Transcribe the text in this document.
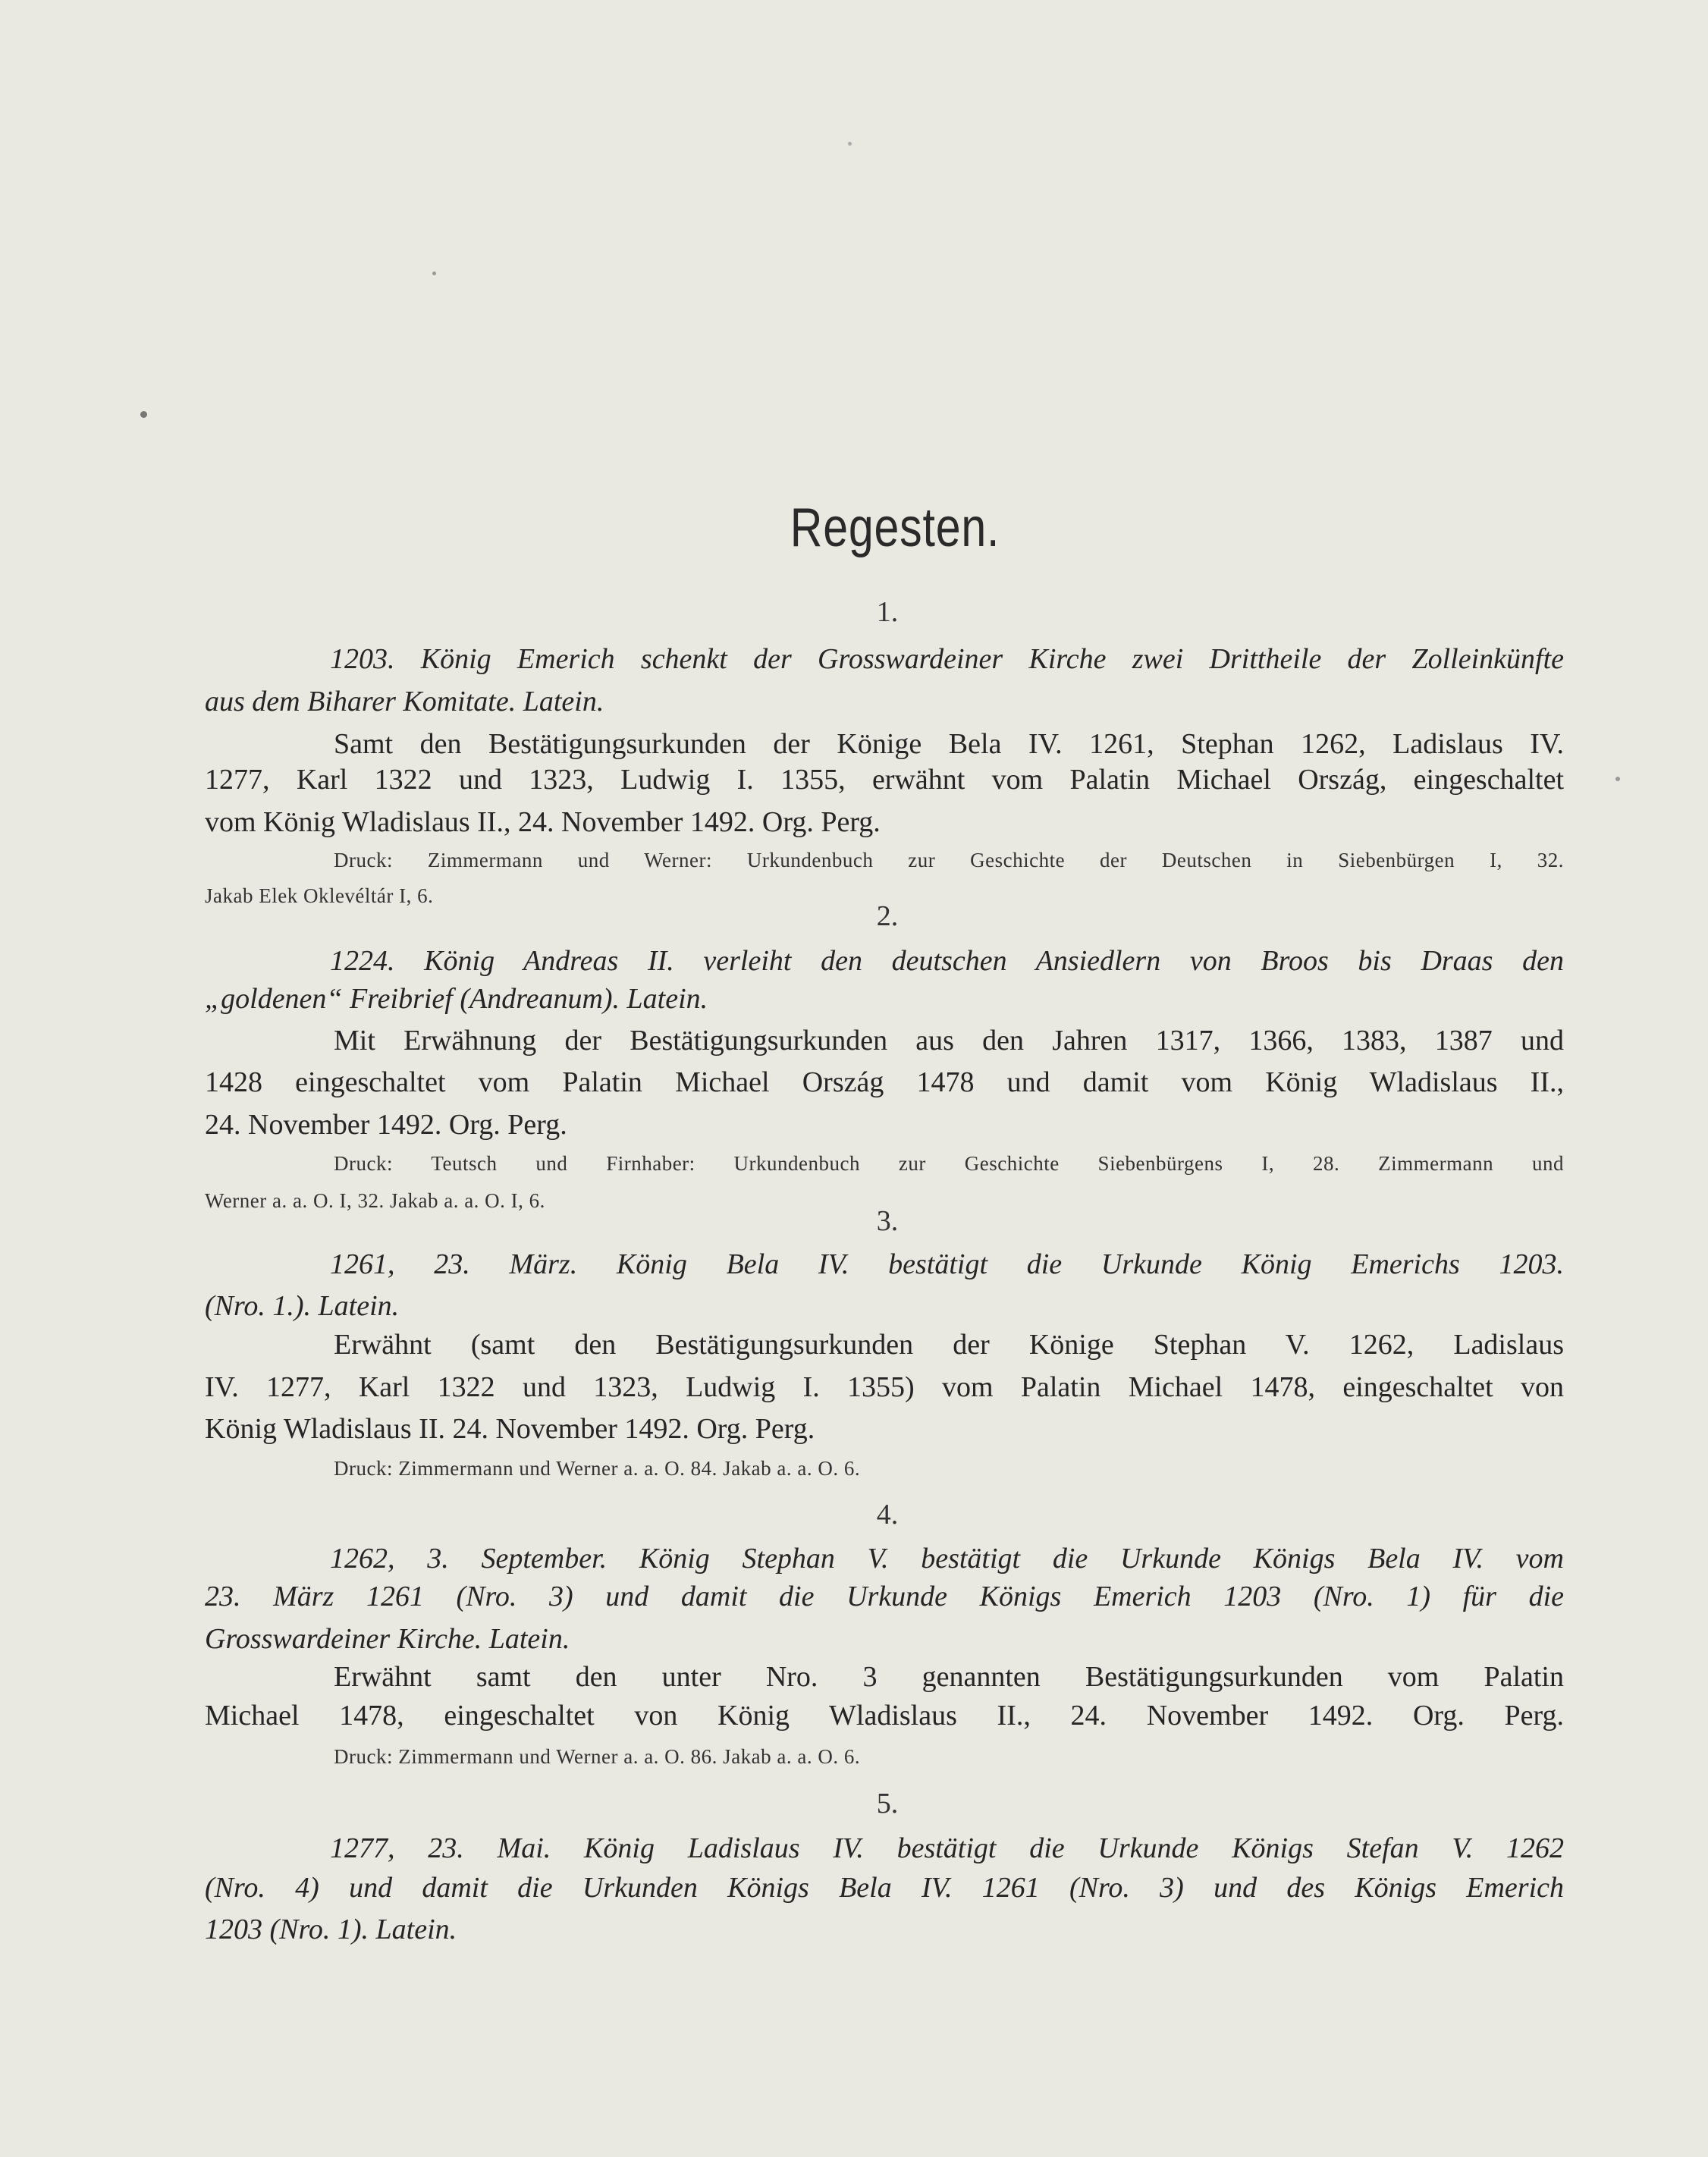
Regesten.
1.
1203. König Emerich schenkt der Grosswardeiner Kirche zwei Drittheile der Zolleinkünfte
aus dem Biharer Komitate. Latein.
Samt den Bestätigungsurkunden der Könige Bela IV. 1261, Stephan 1262, Ladislaus IV.
1277, Karl 1322 und 1323, Ludwig I. 1355, erwähnt vom Palatin Michael Ország, eingeschaltet
vom König Wladislaus II., 24. November 1492. Org. Perg.
Druck: Zimmermann und Werner: Urkundenbuch zur Geschichte der Deutschen in Siebenbürgen I, 32.
Jakab Elek Oklevéltár I, 6.
2.
1224. König Andreas II. verleiht den deutschen Ansiedlern von Broos bis Draas den
„goldenen“ Freibrief (Andreanum). Latein.
Mit Erwähnung der Bestätigungsurkunden aus den Jahren 1317, 1366, 1383, 1387 und
1428 eingeschaltet vom Palatin Michael Ország 1478 und damit vom König Wladislaus II.,
24. November 1492. Org. Perg.
Druck: Teutsch und Firnhaber: Urkundenbuch zur Geschichte Siebenbürgens I, 28. Zimmermann und
Werner a. a. O. I, 32. Jakab a. a. O. I, 6.
3.
1261, 23. März. König Bela IV. bestätigt die Urkunde König Emerichs 1203.
(Nro. 1.). Latein.
Erwähnt (samt den Bestätigungsurkunden der Könige Stephan V. 1262, Ladislaus
IV. 1277, Karl 1322 und 1323, Ludwig I. 1355) vom Palatin Michael 1478, eingeschaltet von
König Wladislaus II. 24. November 1492. Org. Perg.
Druck: Zimmermann und Werner a. a. O. 84. Jakab a. a. O. 6.
4.
1262, 3. September. König Stephan V. bestätigt die Urkunde Königs Bela IV. vom
23. März 1261 (Nro. 3) und damit die Urkunde Königs Emerich 1203 (Nro. 1) für die
Grosswardeiner Kirche. Latein.
Erwähnt samt den unter Nro. 3 genannten Bestätigungsurkunden vom Palatin
Michael 1478, eingeschaltet von König Wladislaus II., 24. November 1492. Org. Perg.
Druck: Zimmermann und Werner a. a. O. 86. Jakab a. a. O. 6.
5.
1277, 23. Mai. König Ladislaus IV. bestätigt die Urkunde Königs Stefan V. 1262
(Nro. 4) und damit die Urkunden Königs Bela IV. 1261 (Nro. 3) und des Königs Emerich
1203 (Nro. 1). Latein.
